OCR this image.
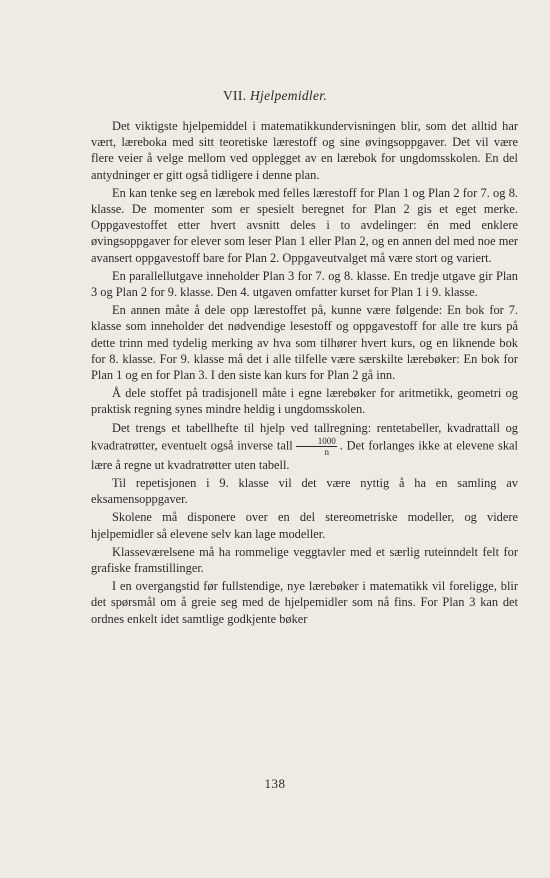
VII. Hjelpemidler.

Det viktigste hjelpemiddel i matematikkundervisningen blir, som det alltid har vært, læreboka med sitt teoretiske lærestoff og sine øvingsoppgaver. Det vil være flere veier å velge mellom ved opplegget av en lærebok for ungdomsskolen. En del antydninger er gitt også tidligere i denne plan.

En kan tenke seg en lærebok med felles lærestoff for Plan 1 og Plan 2 for 7. og 8. klasse. De momenter som er spesielt beregnet for Plan 2 gis et eget merke. Oppgavestoffet etter hvert avsnitt deles i to avdelinger: én med enklere øvingsoppgaver for elever som leser Plan 1 eller Plan 2, og en annen del med noe mer avansert oppgavestoff bare for Plan 2. Oppgaveutvalget må være stort og variert.

En parallellutgave inneholder Plan 3 for 7. og 8. klasse. En tredje utgave gir Plan 3 og Plan 2 for 9. klasse. Den 4. utgaven omfatter kurset for Plan 1 i 9. klasse.

En annen måte å dele opp lærestoffet på, kunne være følgende: En bok for 7. klasse som inneholder det nødvendige lesestoff og oppgavestoff for alle tre kurs på dette trinn med tydelig merking av hva som tilhører hvert kurs, og en liknende bok for 8. klasse. For 9. klasse må det i alle tilfelle være særskilte lærebøker: En bok for Plan 1 og en for Plan 3. I den siste kan kurs for Plan 2 gå inn.

Å dele stoffet på tradisjonell måte i egne lærebøker for aritmetikk, geometri og praktisk regning synes mindre heldig i ungdomsskolen.

Det trengs et tabellhefte til hjelp ved tallregning: rentetabeller, kvadrattall og kvadratrøtter, eventuelt også inverse tall $\frac{1000}{n}$ . Det forlanges ikke at elevene skal lære å regne ut kvadratrøtter uten tabell.

Til repetisjonen i 9. klasse vil det være nyttig å ha en samling av eksamensoppgaver.

Skolene må disponere over en del stereometriske modeller, og videre hjelpemidler så elevene selv kan lage modeller.

Klasseværelsene må ha rommelige veggtavler med et særlig ruteinndelt felt for grafiske framstillinger.

I en overgangstid før fullstendige, nye lærebøker i matematikk vil foreligge, blir det spørsmål om å greie seg med de hjelpemidler som nå fins. For Plan 3 kan det ordnes enkelt idet samtlige godkjente bøker

138
